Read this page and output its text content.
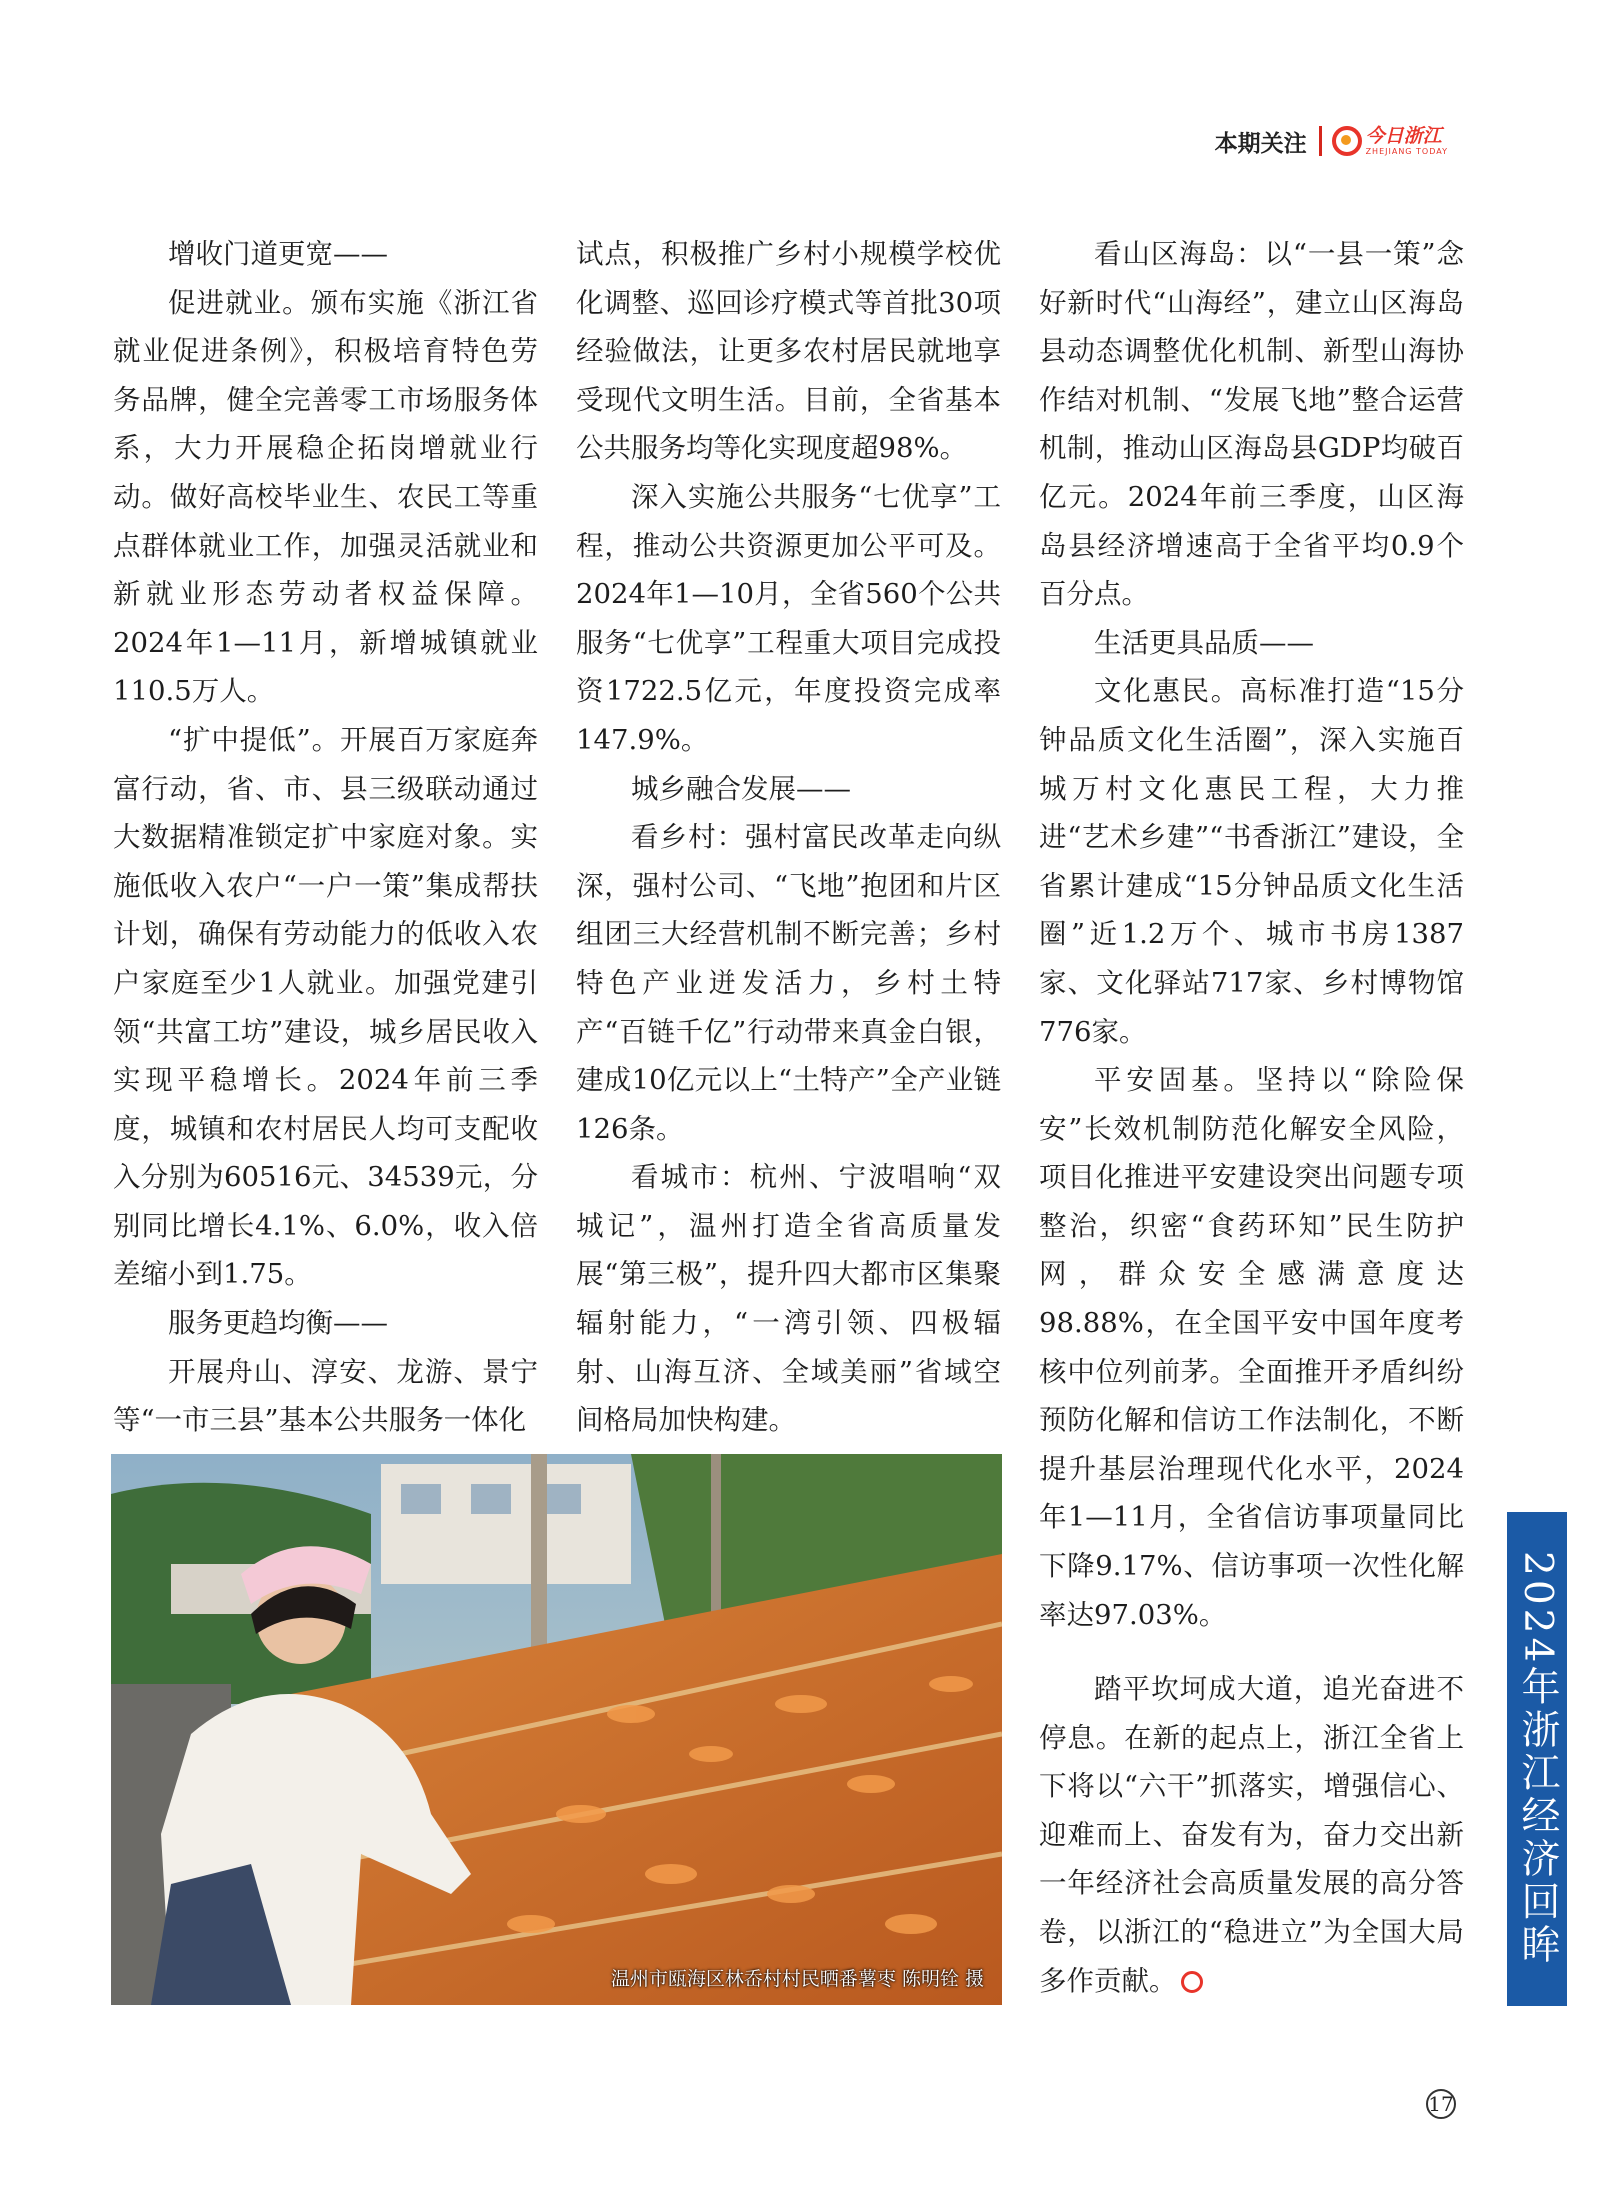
本期关注	今日浙江
ZHEJIANG TODAY

增收门道更宽——

促进就业。颁布实施《浙江省就业促进条例》，积极培育特色劳务品牌，健全完善零工市场服务体系，大力开展稳企拓岗增就业行动。做好高校毕业生、农民工等重点群体就业工作，加强灵活就业和新就业形态劳动者权益保障。2024年1—11月，新增城镇就业110.5万人。

“扩中提低”。开展百万家庭奔富行动，省、市、县三级联动通过大数据精准锁定扩中家庭对象。实施低收入农户“一户一策”集成帮扶计划，确保有劳动能力的低收入农户家庭至少1人就业。加强党建引领“共富工坊”建设，城乡居民收入实现平稳增长。2024年前三季度，城镇和农村居民人均可支配收入分别为60516元、34539元，分别同比增长4.1%、6.0%，收入倍差缩小到1.75。

服务更趋均衡——

开展舟山、淳安、龙游、景宁等“一市三县”基本公共服务一体化

试点，积极推广乡村小规模学校优化调整、巡回诊疗模式等首批30项经验做法，让更多农村居民就地享受现代文明生活。目前，全省基本公共服务均等化实现度超98%。

深入实施公共服务“七优享”工程，推动公共资源更加公平可及。2024年1—10月，全省560个公共服务“七优享”工程重大项目完成投资1722.5亿元，年度投资完成率147.9%。

城乡融合发展——

看乡村：强村富民改革走向纵深，强村公司、“飞地”抱团和片区组团三大经营机制不断完善；乡村特色产业迸发活力，乡村土特产“百链千亿”行动带来真金白银，建成10亿元以上“土特产”全产业链126条。

看城市：杭州、宁波唱响“双城记”，温州打造全省高质量发展“第三极”，提升四大都市区集聚辐射能力，“一湾引领、四极辐射、山海互济、全域美丽”省域空间格局加快构建。

看山区海岛：以“一县一策”念好新时代“山海经”，建立山区海岛县动态调整优化机制、新型山海协作结对机制、“发展飞地”整合运营机制，推动山区海岛县GDP均破百亿元。2024年前三季度，山区海岛县经济增速高于全省平均0.9个百分点。

生活更具品质——

文化惠民。高标准打造“15分钟品质文化生活圈”，深入实施百城万村文化惠民工程，大力推进“艺术乡建”“书香浙江”建设，全省累计建成“15分钟品质文化生活圈”近1.2万个、城市书房1387家、文化驿站717家、乡村博物馆776家。

平安固基。坚持以“除险保安”长效机制防范化解安全风险，项目化推进平安建设突出问题专项整治，织密“食药环知”民生防护网，群众安全感满意度达98.88%，在全国平安中国年度考核中位列前茅。全面推开矛盾纠纷预防化解和信访工作法制化，不断提升基层治理现代化水平，2024年1—11月，全省信访事项量同比下降9.17%、信访事项一次性化解率达97.03%。

踏平坎坷成大道，追光奋进不停息。在新的起点上，浙江全省上下将以“六干”抓落实，增强信心、迎难而上、奋发有为，奋力交出新一年经济社会高质量发展的高分答卷，以浙江的“稳进立”为全国大局多作贡献。

温州市瓯海区林岙村村民晒番薯枣 陈明铨 摄
2024年浙江经济回眸
17
